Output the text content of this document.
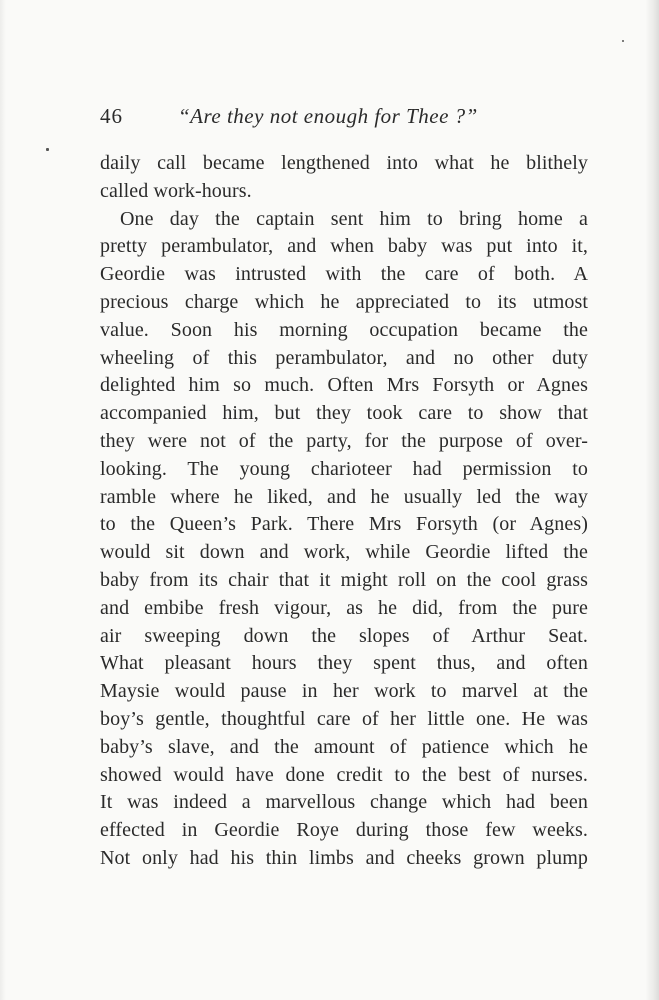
46	“Are they not enough for Thee ?”
daily call became lengthened into what he blithely
called work-hours.
One day the captain sent him to bring home a
pretty perambulator, and when baby was put into it,
Geordie was intrusted with the care of both. A
precious charge which he appreciated to its utmost
value. Soon his morning occupation became the
wheeling of this perambulator, and no other duty
delighted him so much. Often Mrs Forsyth or Agnes
accompanied him, but they took care to show that
they were not of the party, for the purpose of over-
looking. The young charioteer had permission to
ramble where he liked, and he usually led the way
to the Queen’s Park. There Mrs Forsyth (or Agnes)
would sit down and work, while Geordie lifted the
baby from its chair that it might roll on the cool grass
and embibe fresh vigour, as he did, from the pure
air sweeping down the slopes of Arthur Seat.
What pleasant hours they spent thus, and often
Maysie would pause in her work to marvel at the
boy’s gentle, thoughtful care of her little one. He was
baby’s slave, and the amount of patience which he
showed would have done credit to the best of nurses.
It was indeed a marvellous change which had been
effected in Geordie Roye during those few weeks.
Not only had his thin limbs and cheeks grown plump
